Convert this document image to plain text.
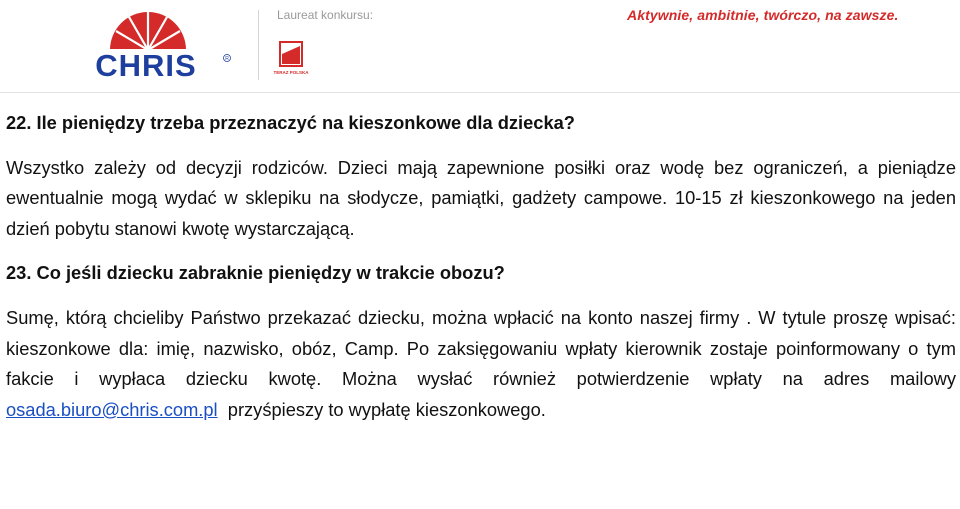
CHRIS	R
Laureat konkursu:
TERAZ POLSKA
Aktywnie, ambitnie, twórczo, na zawsze.

22. Ile pieniędzy trzeba przeznaczyć na kieszonkowe dla dziecka?

Wszystko zależy od decyzji rodziców. Dzieci mają zapewnione posiłki oraz wodę bez ograniczeń, a pieniądze ewentualnie mogą wydać w sklepiku na słodycze, pamiątki, gadżety campowe. 10-15 zł kieszonkowego na jeden dzień pobytu stanowi kwotę wystarczającą.

23. Co jeśli dziecku zabraknie pieniędzy w trakcie obozu?

Sumę, którą chcieliby Państwo przekazać dziecku, można wpłacić na konto naszej firmy . W tytule proszę wpisać: kieszonkowe dla: imię, nazwisko, obóz, Camp. Po zaksięgowaniu wpłaty kierownik zostaje poinformowany o tym fakcie i wypłaca dziecku kwotę. Można wysłać również potwierdzenie wpłaty na adres mailowy osada.biuro@chris.com.pl  przyśpieszy to wypłatę kieszonkowego.
